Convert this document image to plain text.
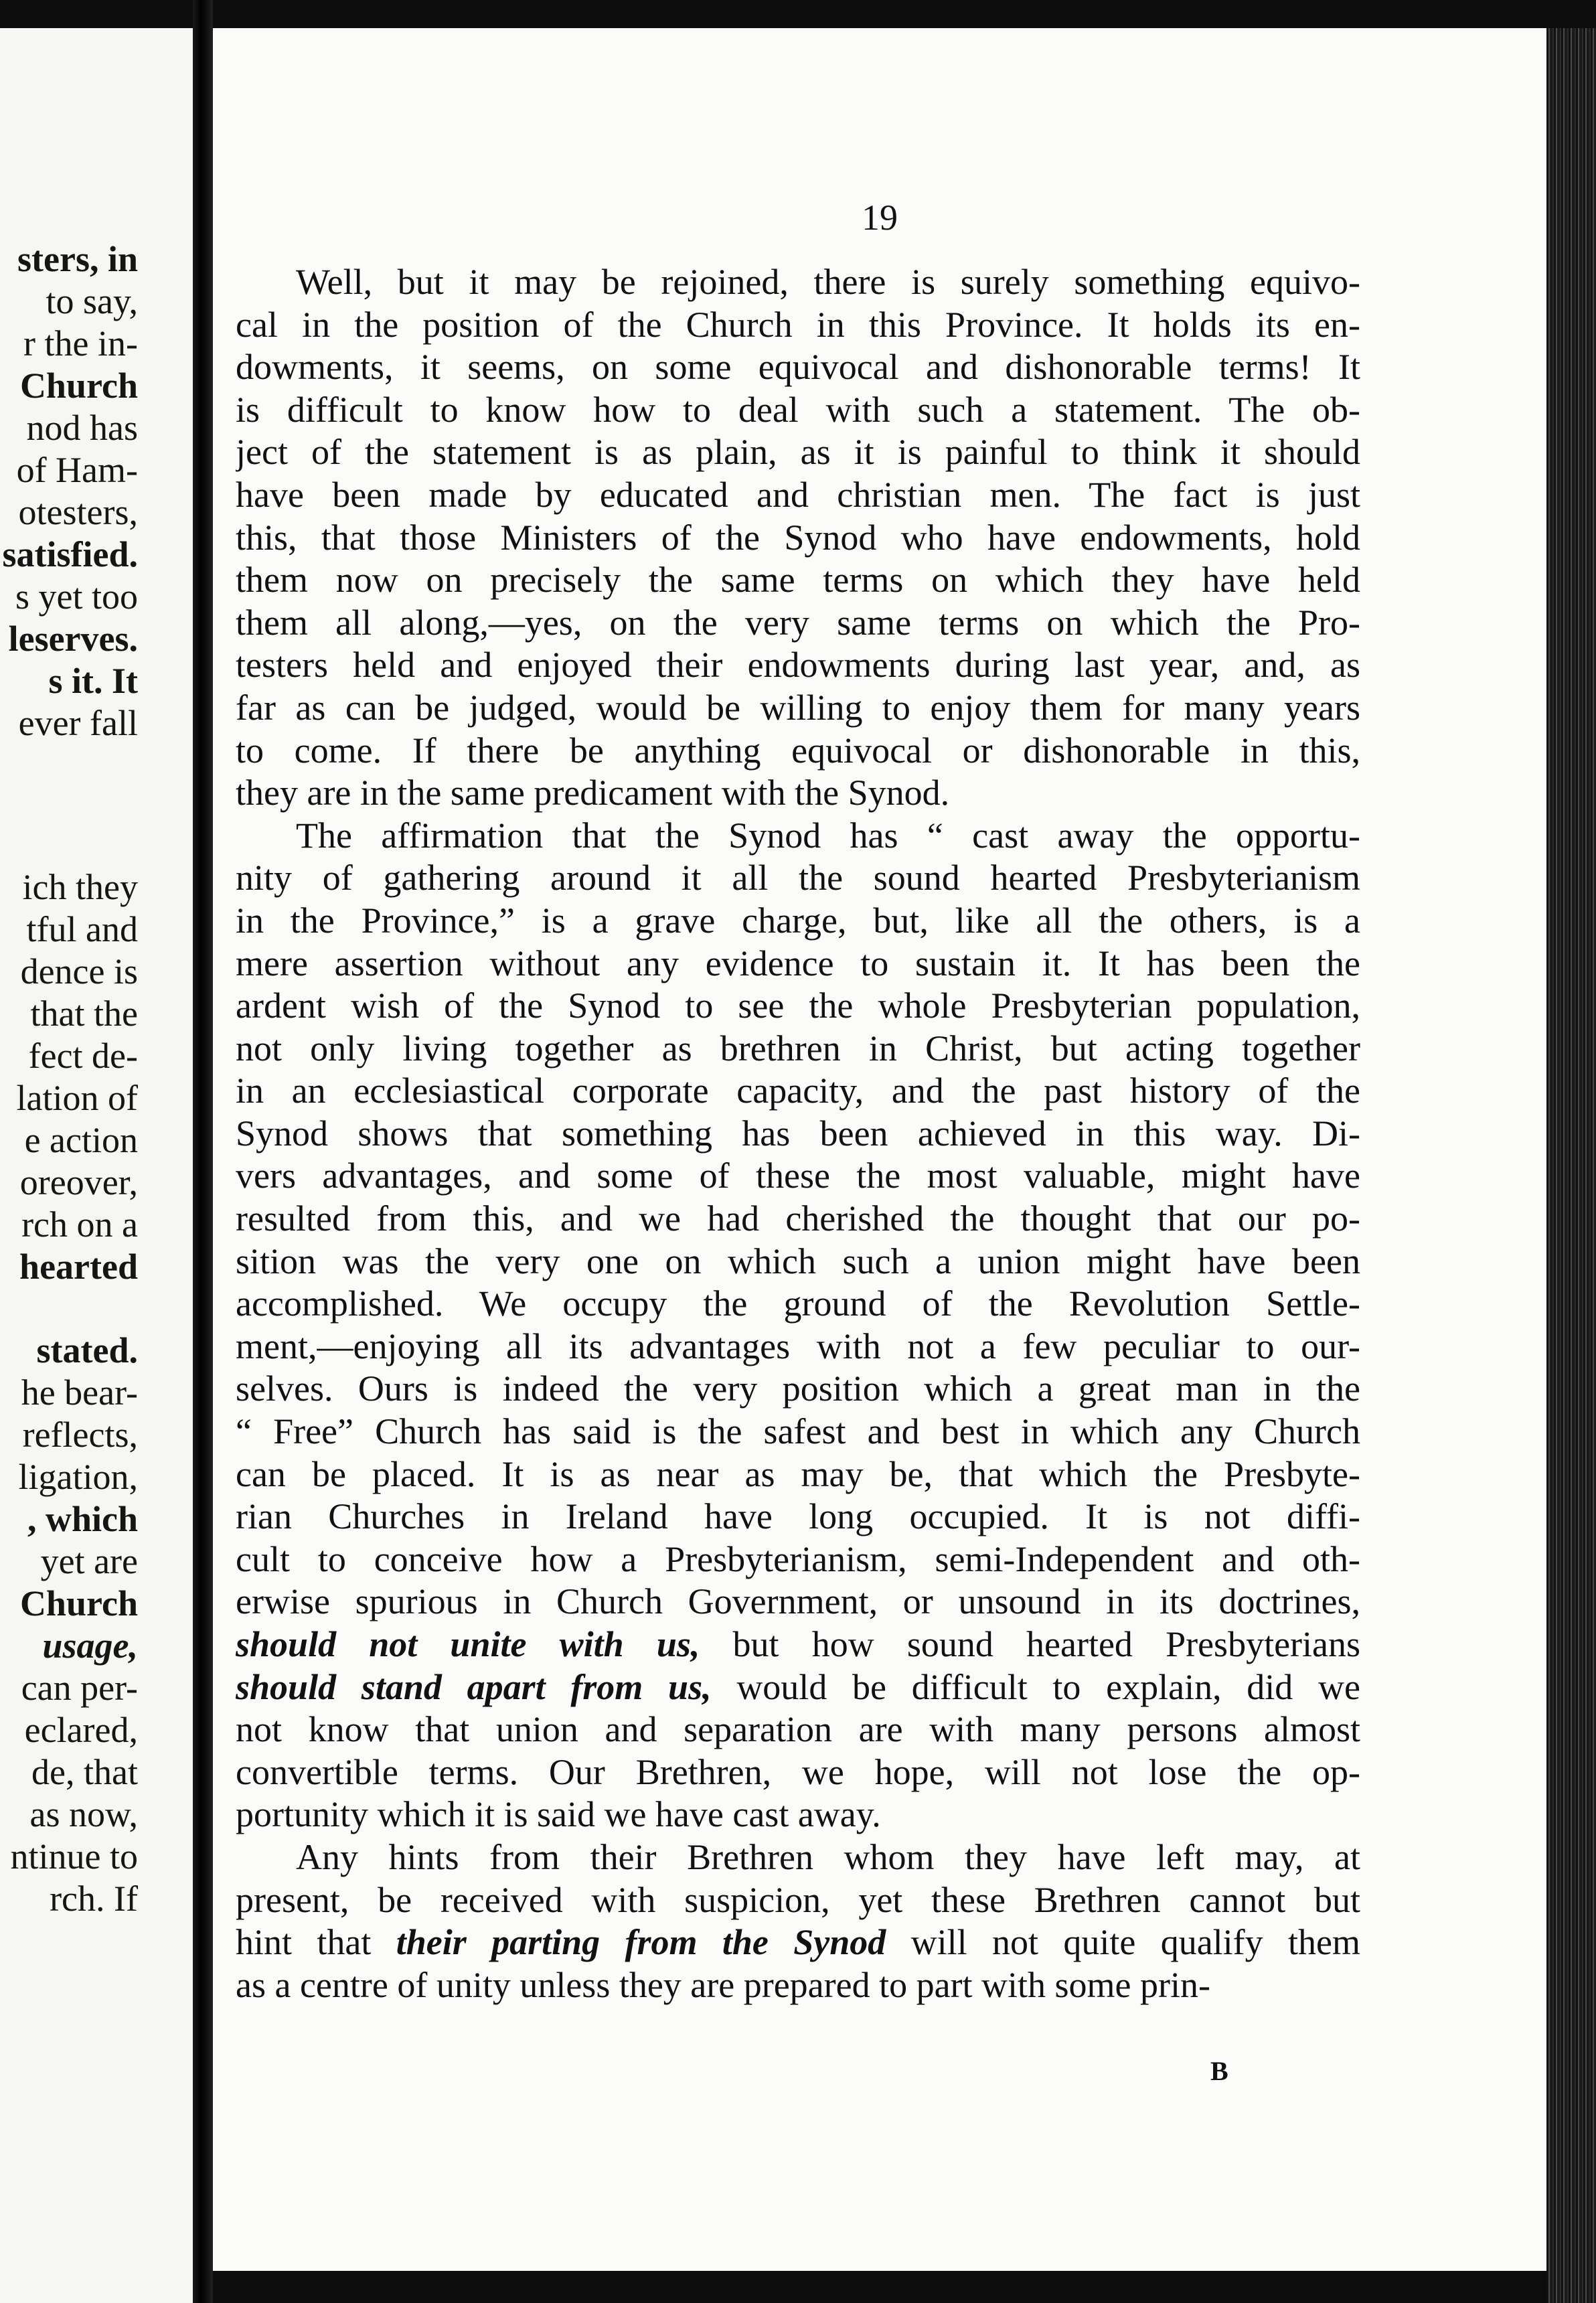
sters, in
to say,
r the in-
Church
nod has
of Ham-
otesters,
satisfied.
s yet too
leserves.
s it. It
ever fall
ich they
tful and
dence is
that the
fect de-
lation of
e action
oreover,
rch on a
hearted
stated.
he bear-
reflects,
ligation,
, which
yet are
Church
usage,
can per-
eclared,
de, that
as now,
ntinue to
rch. If
19
B
Well, but it may be rejoined, there is surely something equivo-
cal in the position of the Church in this Province. It holds its en-
dowments, it seems, on some equivocal and dishonorable terms! It
is difficult to know how to deal with such a statement. The ob-
ject of the statement is as plain, as it is painful to think it should
have been made by educated and christian men. The fact is just
this, that those Ministers of the Synod who have endowments, hold
them now on precisely the same terms on which they have held
them all along,—yes, on the very same terms on which the Pro-
testers held and enjoyed their endowments during last year, and, as
far as can be judged, would be willing to enjoy them for many years
to come. If there be anything equivocal or dishonorable in this,
they are in the same predicament with the Synod.
The affirmation that the Synod has “ cast away the opportu-
nity of gathering around it all the sound hearted Presbyterianism
in the Province,” is a grave charge, but, like all the others, is a
mere assertion without any evidence to sustain it. It has been the
ardent wish of the Synod to see the whole Presbyterian population,
not only living together as brethren in Christ, but acting together
in an ecclesiastical corporate capacity, and the past history of the
Synod shows that something has been achieved in this way. Di-
vers advantages, and some of these the most valuable, might have
resulted from this, and we had cherished the thought that our po-
sition was the very one on which such a union might have been
accomplished. We occupy the ground of the Revolution Settle-
ment,—enjoying all its advantages with not a few peculiar to our-
selves. Ours is indeed the very position which a great man in the
“ Free” Church has said is the safest and best in which any Church
can be placed. It is as near as may be, that which the Presbyte-
rian Churches in Ireland have long occupied. It is not diffi-
cult to conceive how a Presbyterianism, semi-Independent and oth-
erwise spurious in Church Government, or unsound in its doctrines,
should not unite with us, but how sound hearted Presbyterians
should stand apart from us, would be difficult to explain, did we
not know that union and separation are with many persons almost
convertible terms. Our Brethren, we hope, will not lose the op-
portunity which it is said we have cast away.
Any hints from their Brethren whom they have left may, at
present, be received with suspicion, yet these Brethren cannot but
hint that their parting from the Synod will not quite qualify them
as a centre of unity unless they are prepared to part with some prin-
